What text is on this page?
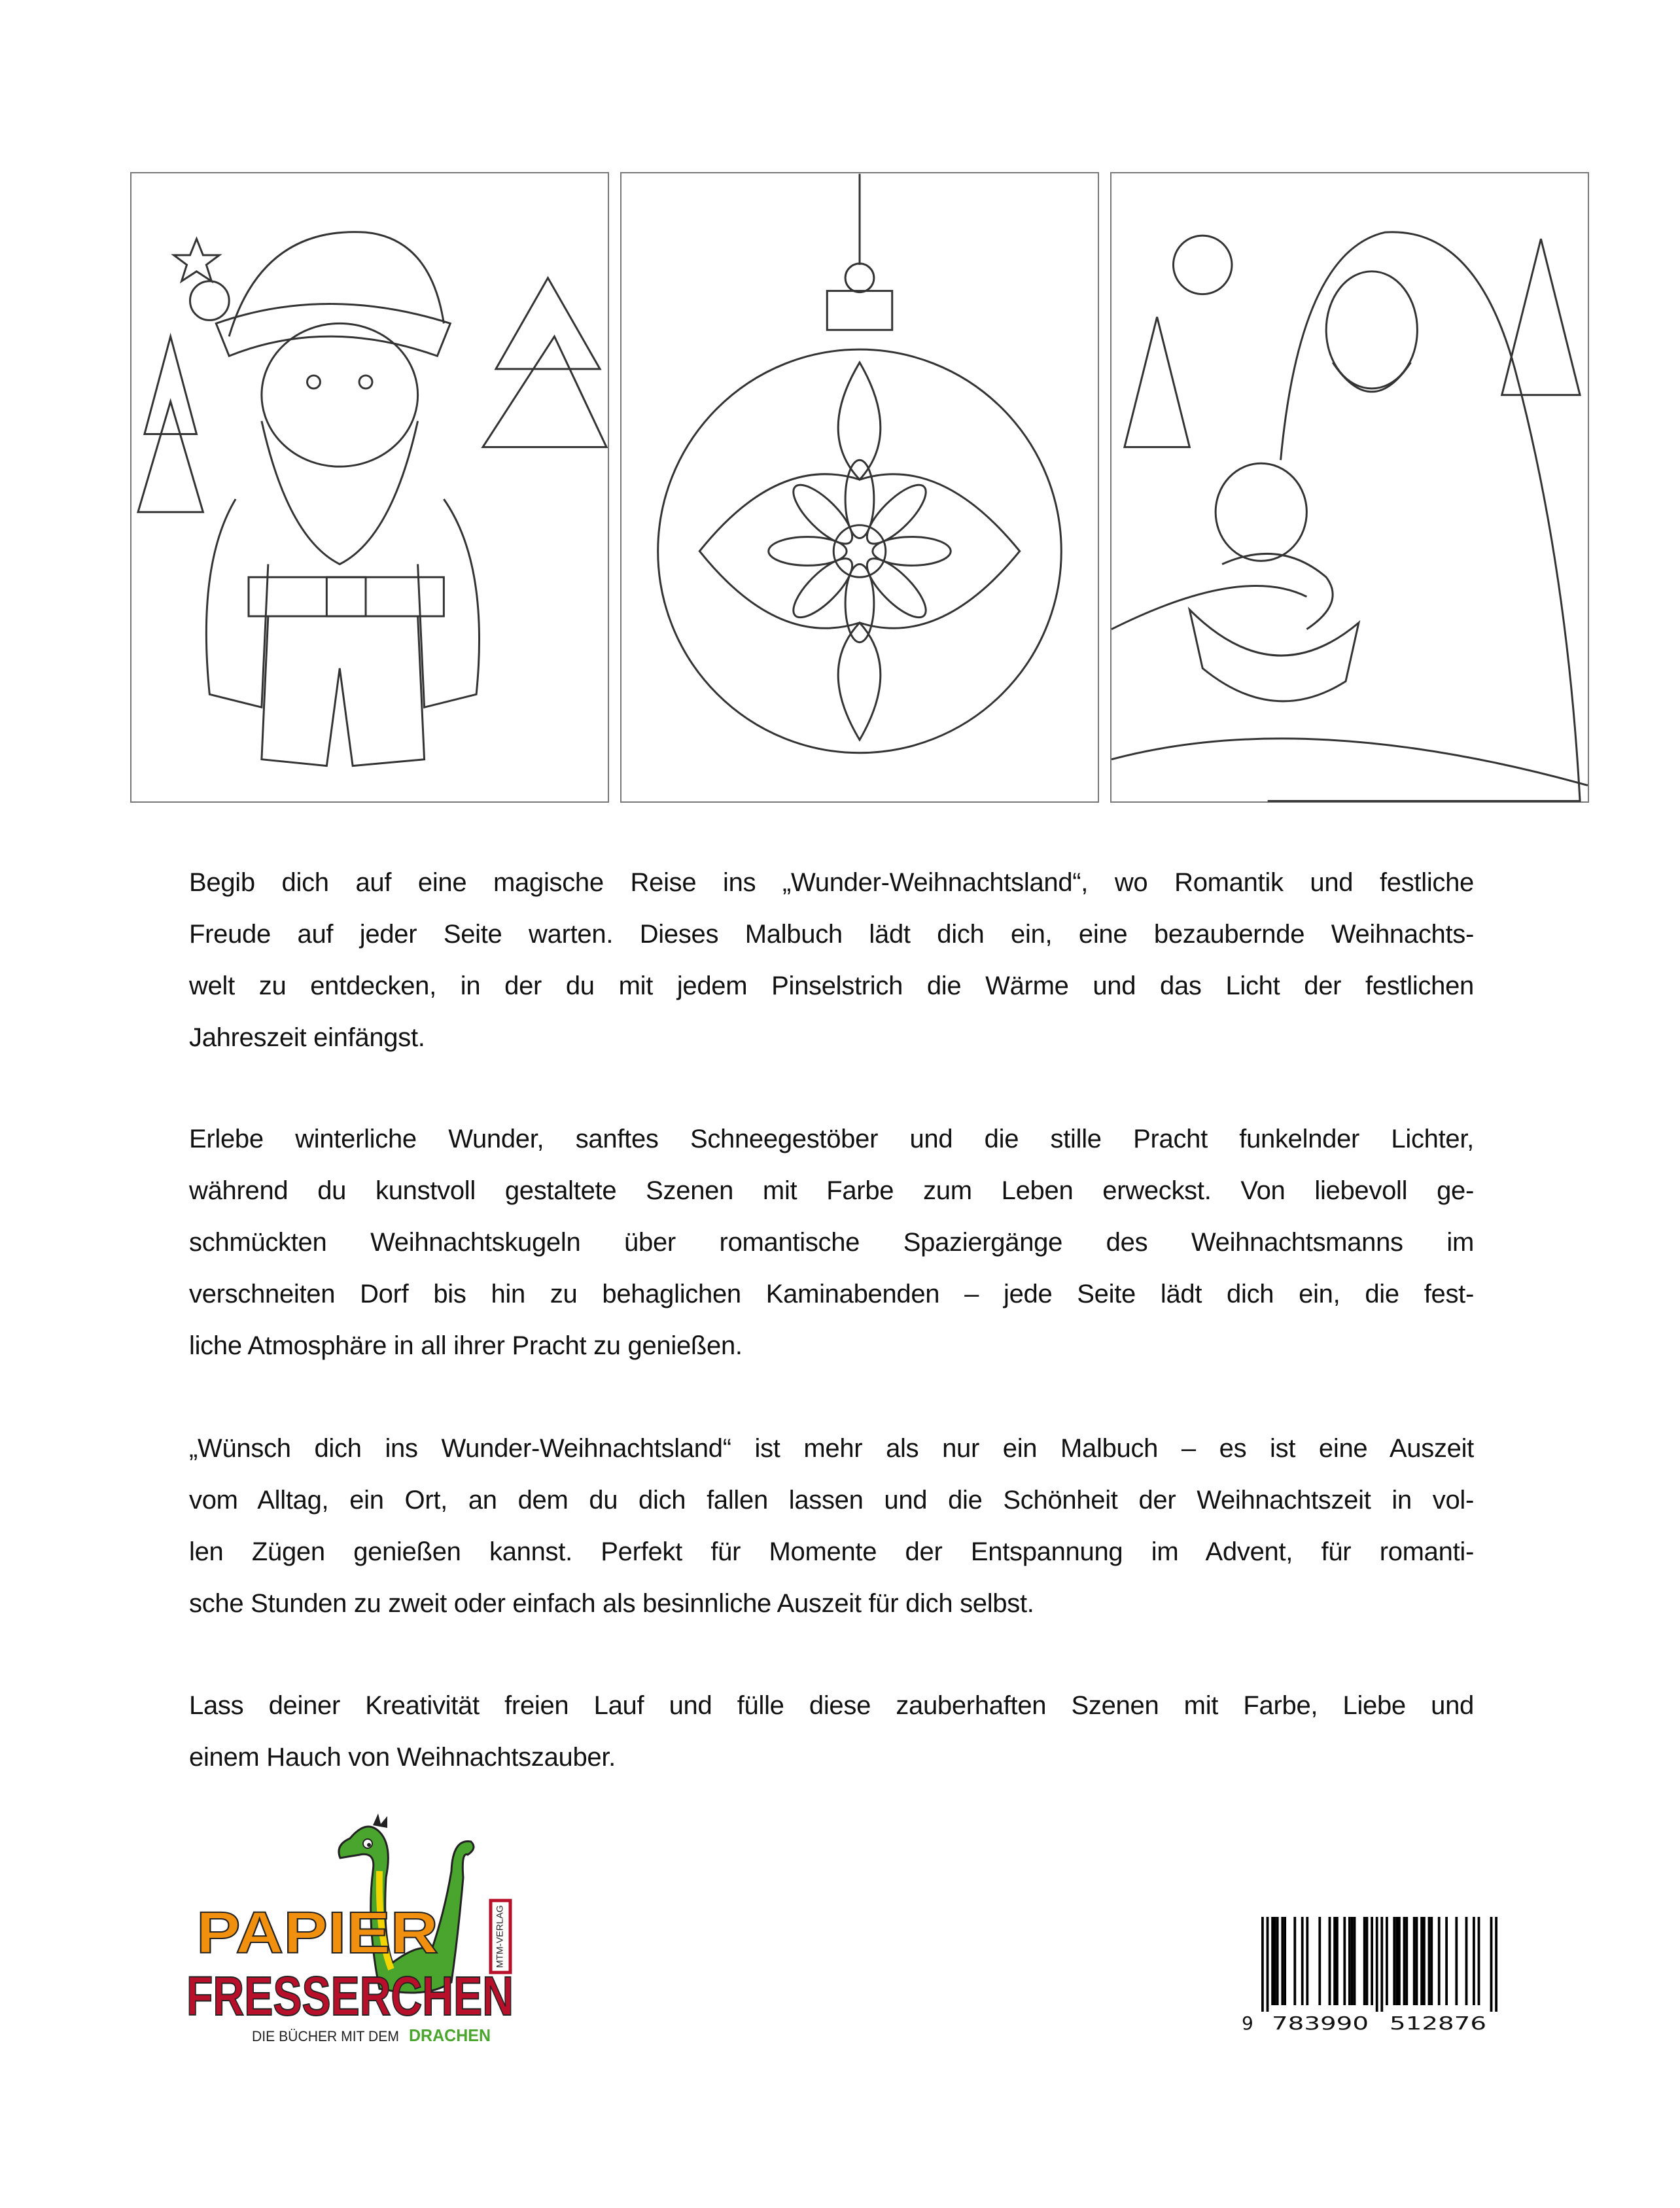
Begib dich auf eine magische Reise ins „Wunder-Weihnachtsland“, wo Romantik und festliche
Freude auf jeder Seite warten. Dieses Malbuch lädt dich ein, eine bezaubernde Weihnachts-
welt zu entdecken, in der du mit jedem Pinselstrich die Wärme und das Licht der festlichen
Jahreszeit einfängst.
Erlebe winterliche Wunder, sanftes Schneegestöber und die stille Pracht funkelnder Lichter,
während du kunstvoll gestaltete Szenen mit Farbe zum Leben erweckst. Von liebevoll ge-
schmückten Weihnachtskugeln über romantische Spaziergänge des Weihnachtsmanns im
verschneiten Dorf bis hin zu behaglichen Kaminabenden – jede Seite lädt dich ein, die fest-
liche Atmosphäre in all ihrer Pracht zu genießen.
„Wünsch dich ins Wunder-Weihnachtsland“ ist mehr als nur ein Malbuch – es ist eine Auszeit
vom Alltag, ein Ort, an dem du dich fallen lassen und die Schönheit der Weihnachtszeit in vol-
len Zügen genießen kannst. Perfekt für Momente der Entspannung im Advent, für romanti-
sche Stunden zu zweit oder einfach als besinnliche Auszeit für dich selbst.
Lass deiner Kreativität freien Lauf und fülle diese zauberhaften Szenen mit Farbe, Liebe und
einem Hauch von Weihnachtszauber.
MTM-VERLAG
PAPIER
FRESSERCHEN
DIE BÜCHER MIT DEM DRACHEN
9 783990 512876
